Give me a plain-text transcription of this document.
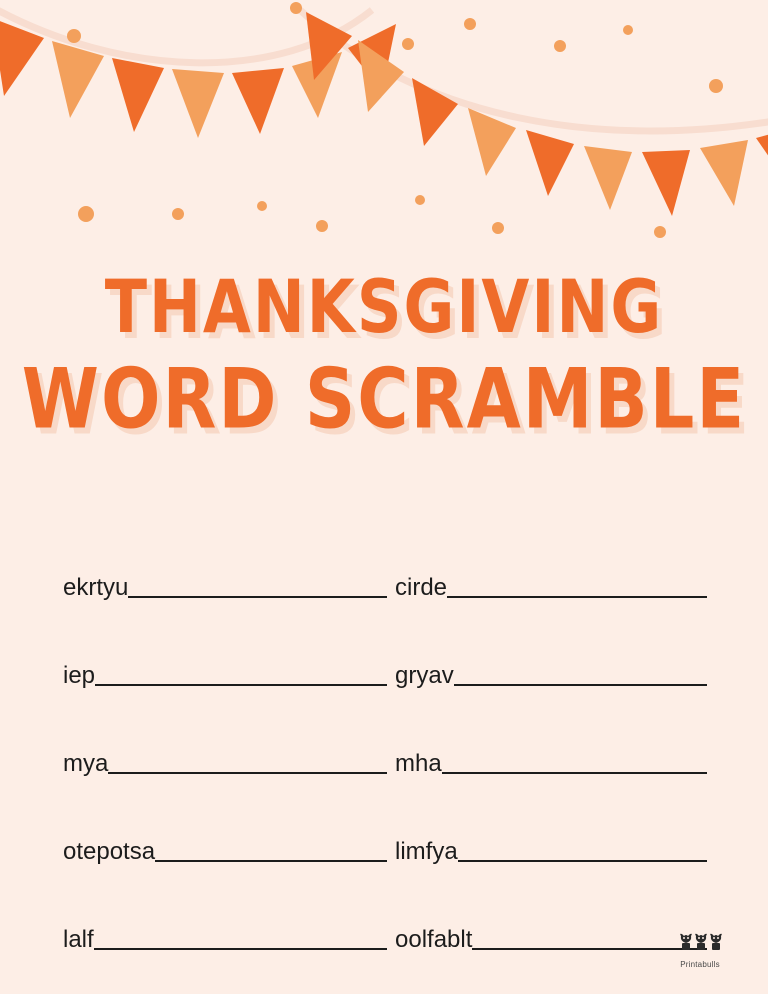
THANKSGIVING
WORD SCRAMBLE
ekrtyu	cirde
iep	gryav
mya	mha
otepotsa	limfya
lalf	oolfablt
Printabulls
